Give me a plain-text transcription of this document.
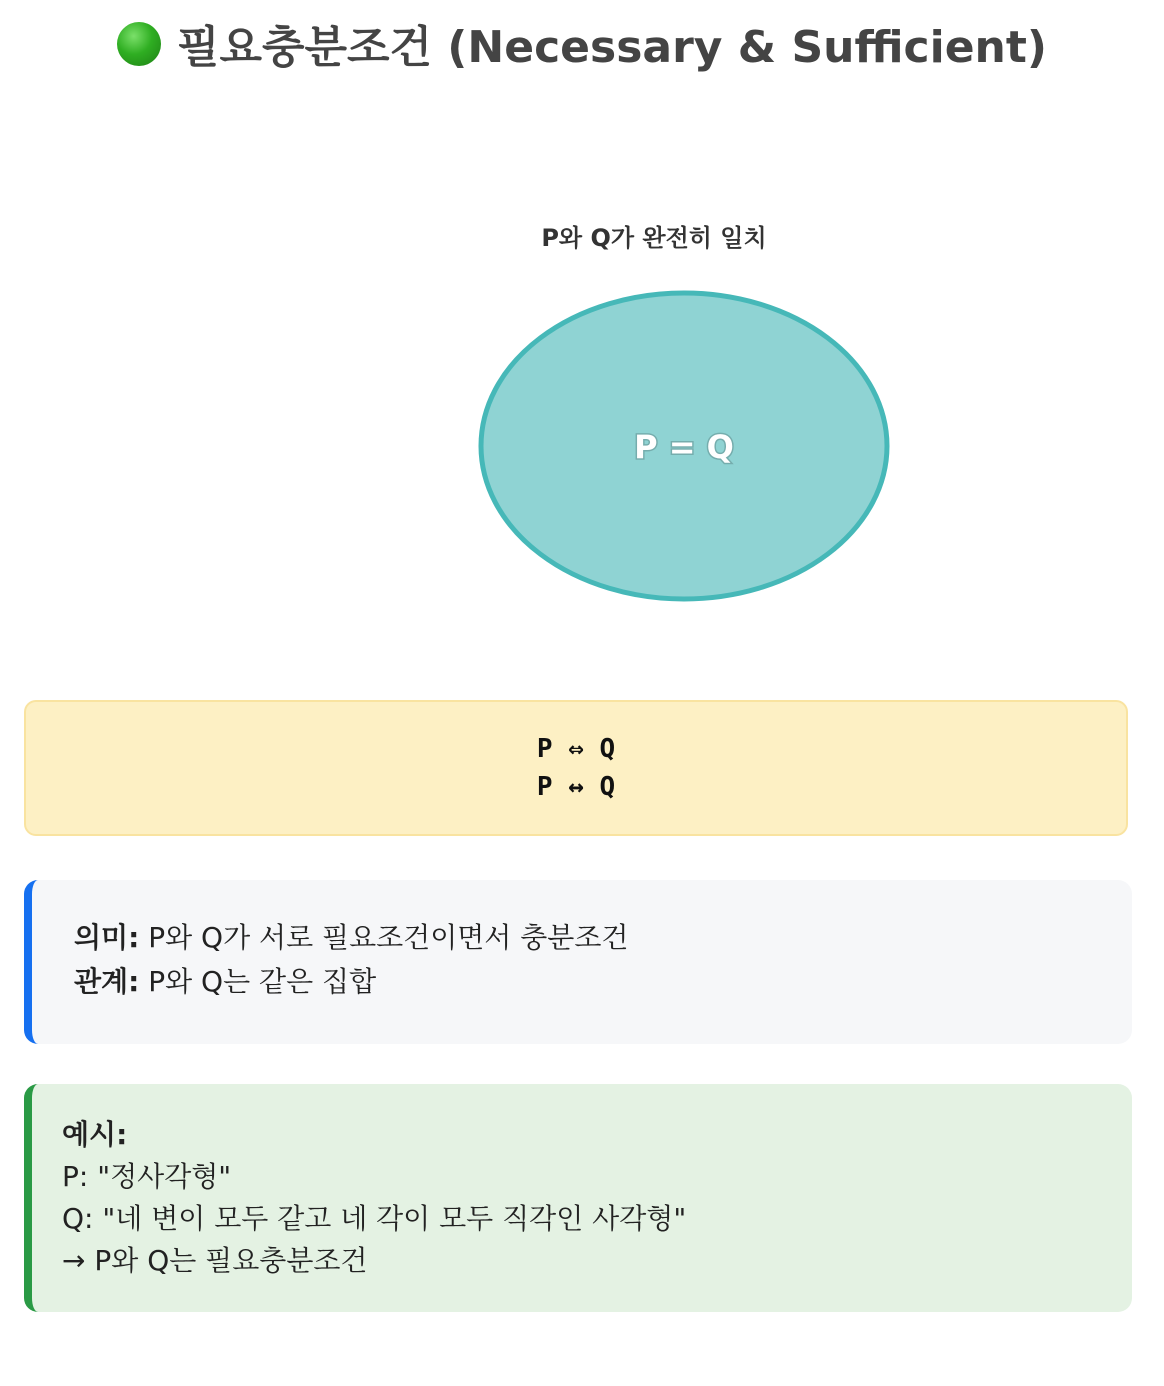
필요충분조건 (Necessary & Sufficient)
P와 Q가 완전히 일치
P = Q
P ⇔ Q
P ↔ Q
의미: P와 Q가 서로 필요조건이면서 충분조건
관계: P와 Q는 같은 집합
예시:
P: "정사각형"
Q: "네 변이 모두 같고 네 각이 모두 직각인 사각형"
→ P와 Q는 필요충분조건
